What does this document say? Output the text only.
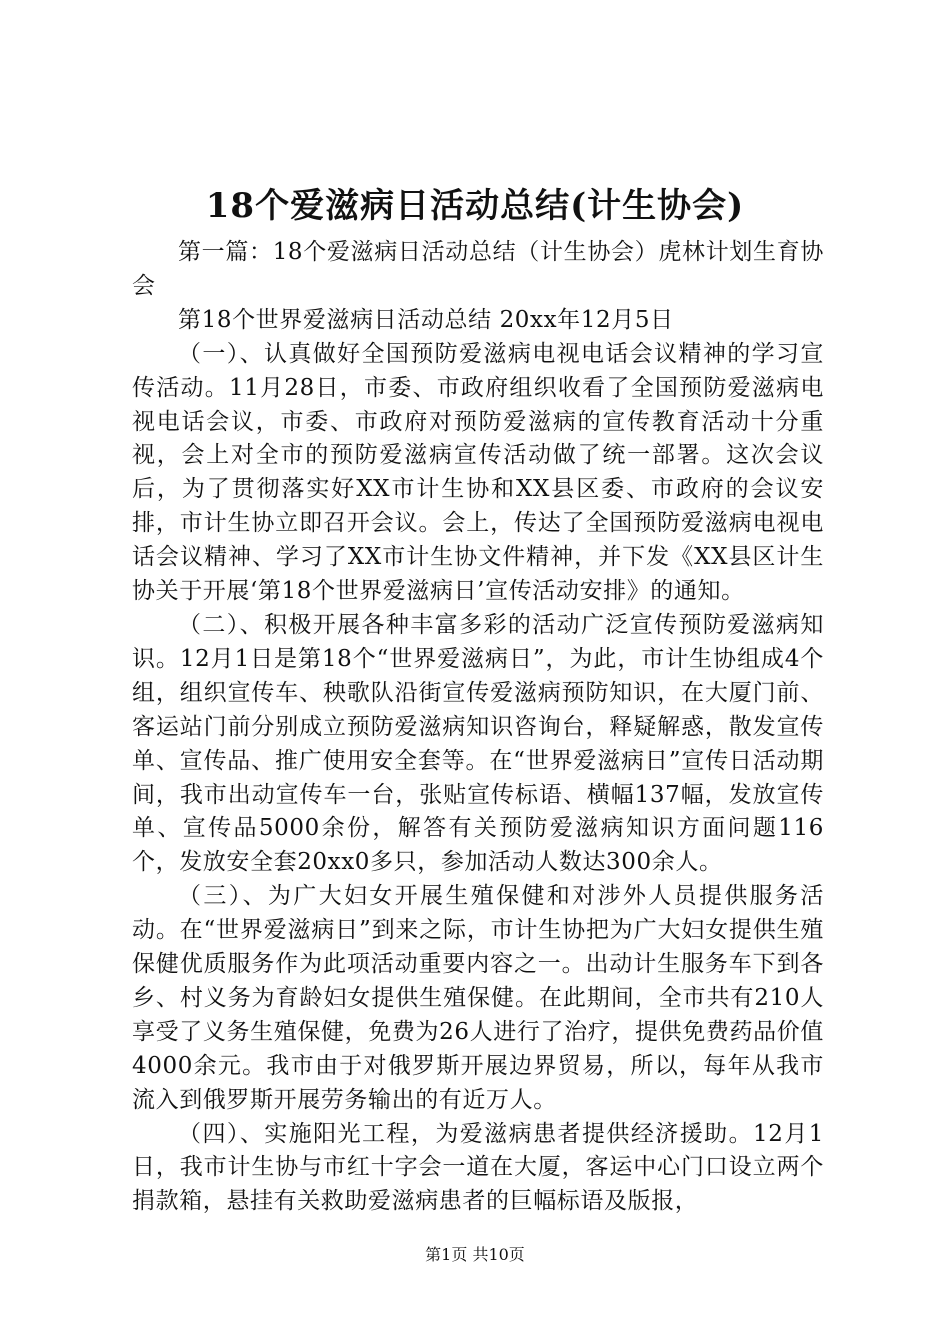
18个爱滋病日活动总结(计生协会)

第一篇：18个爱滋病日活动总结（计生协会）虎林计划生育协会

第18个世界爱滋病日活动总结 20xx年12月5日

（一）、认真做好全国预防爱滋病电视电话会议精神的学习宣传活动。11月28日，市委、市政府组织收看了全国预防爱滋病电视电话会议，市委、市政府对预防爱滋病的宣传教育活动十分重视，会上对全市的预防爱滋病宣传活动做了统一部署。这次会议后，为了贯彻落实好XX市计生协和XX县区委、市政府的会议安排，市计生协立即召开会议。会上，传达了全国预防爱滋病电视电话会议精神、学习了XX市计生协文件精神，并下发《XX县区计生协关于开展‘第18个世界爱滋病日’宣传活动安排》的通知。

（二）、积极开展各种丰富多彩的活动广泛宣传预防爱滋病知识。12月1日是第18个“世界爱滋病日”，为此，市计生协组成4个组，组织宣传车、秧歌队沿街宣传爱滋病预防知识，在大厦门前、客运站门前分别成立预防爱滋病知识咨询台，释疑解惑，散发宣传单、宣传品、推广使用安全套等。在“世界爱滋病日”宣传日活动期间，我市出动宣传车一台，张贴宣传标语、横幅137幅，发放宣传单、宣传品5000余份，解答有关预防爱滋病知识方面问题116个，发放安全套20xx0多只，参加活动人数达300余人。

（三）、为广大妇女开展生殖保健和对涉外人员提供服务活动。在“世界爱滋病日”到来之际，市计生协把为广大妇女提供生殖保健优质服务作为此项活动重要内容之一。出动计生服务车下到各乡、村义务为育龄妇女提供生殖保健。在此期间，全市共有210人享受了义务生殖保健，免费为26人进行了治疗，提供免费药品价值4000余元。我市由于对俄罗斯开展边界贸易，所以，每年从我市流入到俄罗斯开展劳务输出的有近万人。

（四）、实施阳光工程，为爱滋病患者提供经济援助。12月1日，我市计生协与市红十字会一道在大厦，客运中心门口设立两个捐款箱，悬挂有关救助爱滋病患者的巨幅标语及版报，

第1页 共10页
